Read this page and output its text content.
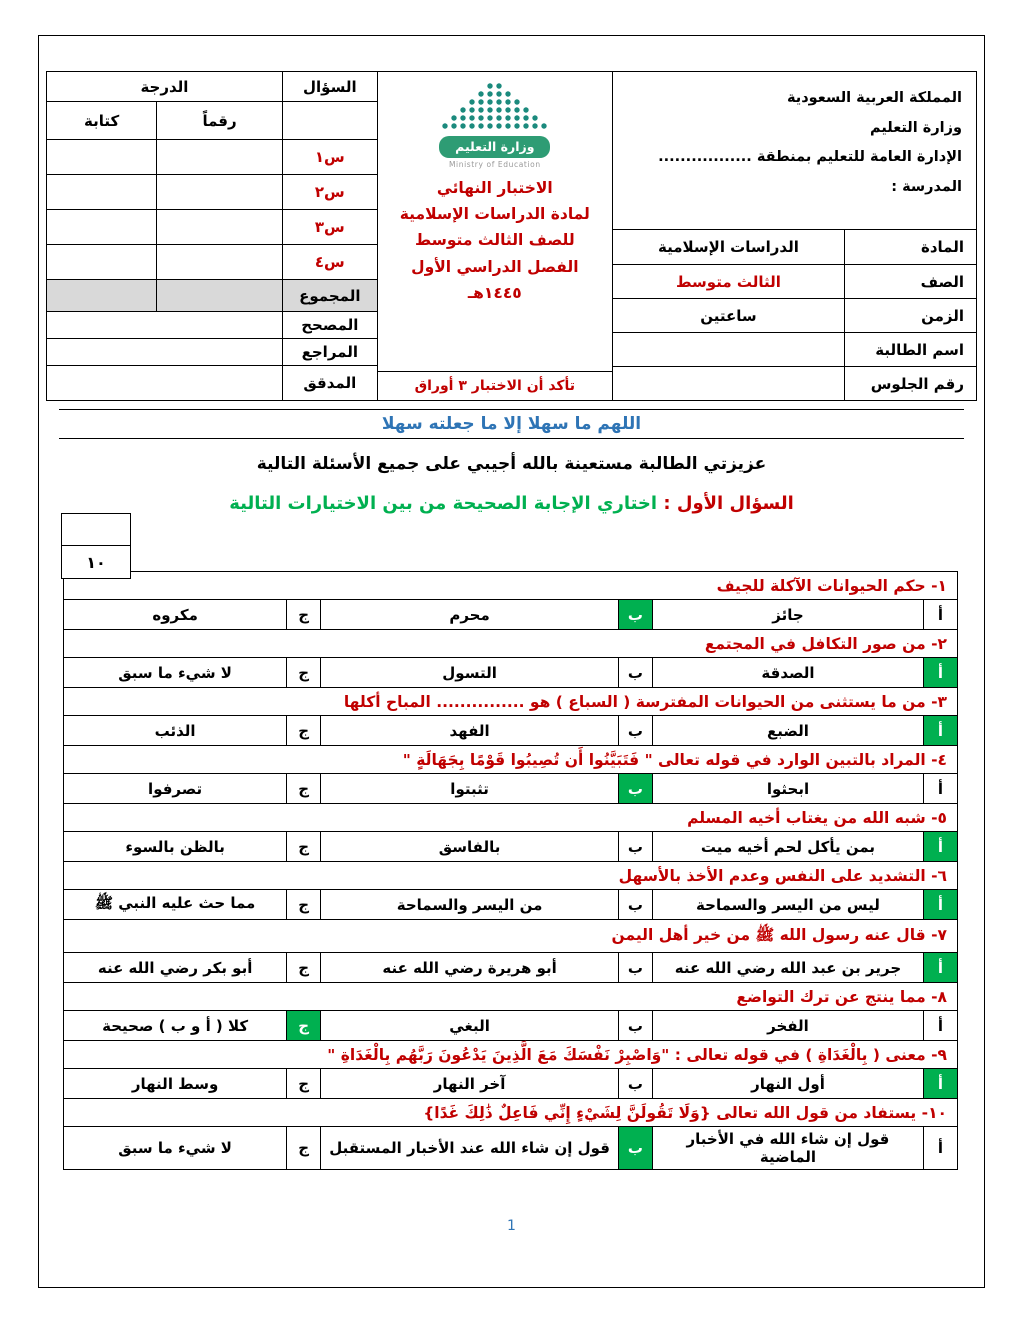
المملكة العربية السعودية
وزارة التعليم
الإدارة العامة للتعليم بمنطقة .................
المدرسة :
المادة
الدراسات الإسلامية
الصف
الثالث متوسط
الزمن
ساعتين
اسم الطالبة
رقم الجلوس
وزارة التعليم
Ministry of Education
الاختبار النهائي
لمادة الدراسات الإسلامية
للصف الثالث متوسط
الفصل الدراسي الأول
١٤٤٥هـ
تأكد أن الاختبار ٣ أوراق
السؤال
الدرجة
رقماً
كتابة
س١
س٢
س٣
س٤
المجموع
المصحح
المراجع
المدقق
اللهم ما سهلا إلا ما جعلته سهلا
عزيزتي الطالبة مستعينة بالله أجيبي على جميع الأسئلة التالية
السؤال الأول : اختاري الإجابة الصحيحة من بين الاختيارات التالية
١٠
١- حكم الحيوانات الآكلة للجيف
أ
جائز
ب
محرم
ج
مكروه
٢- من صور التكافل في المجتمع
أ
الصدقة
ب
التسول
ج
لا شيء ما سبق
٣- من ما يستثنى من الحيوانات المفترسة ( السباع ) هو ............... المباح أكلها
أ
الضبع
ب
الفهد
ج
الذئب
٤- المراد بالتبين الوارد في قوله تعالى " فَتَبَيَّنُوا أَن تُصِيبُوا قَوْمًا بِجَهَالَةٍ "
أ
ابحثوا
ب
تثبتوا
ج
تصرفوا
٥- شبه الله من يغتاب أخيه المسلم
أ
بمن يأكل لحم أخيه ميت
ب
بالفاسق
ج
بالظن بالسوء
٦- التشديد على النفس وعدم الأخذ بالأسهل
أ
ليس من اليسر والسماحة
ب
من اليسر والسماحة
ج
مما حث عليه النبي ﷺ
٧- قال عنه رسول الله ﷺ من خير أهل اليمن
أ
جرير بن عبد الله رضي الله عنه
ب
أبو هريرة رضي الله عنه
ج
أبو بكر رضي الله عنه
٨- مما ينتج عن ترك التواضع
أ
الفخر
ب
البغي
ج
كلا ( أ و ب ) صحيحة
٩- معنى ( بِالْغَدَاةِ ) في قوله تعالى : "وَاصْبِرْ نَفْسَكَ مَعَ الَّذِينَ يَدْعُونَ رَبَّهُم بِالْغَدَاةِ "
أ
أول النهار
ب
آخر النهار
ج
وسط النهار
١٠- يستفاد من قول الله تعالى {وَلَا تَقُولَنَّ لِشَيْءٍ إِنِّي فَاعِلٌ ذَٰلِكَ غَدًا}
أ
قول إن شاء الله في الأخبار الماضية
ب
قول إن شاء الله عند الأخبار المستقبل
ج
لا شيء ما سبق
1
